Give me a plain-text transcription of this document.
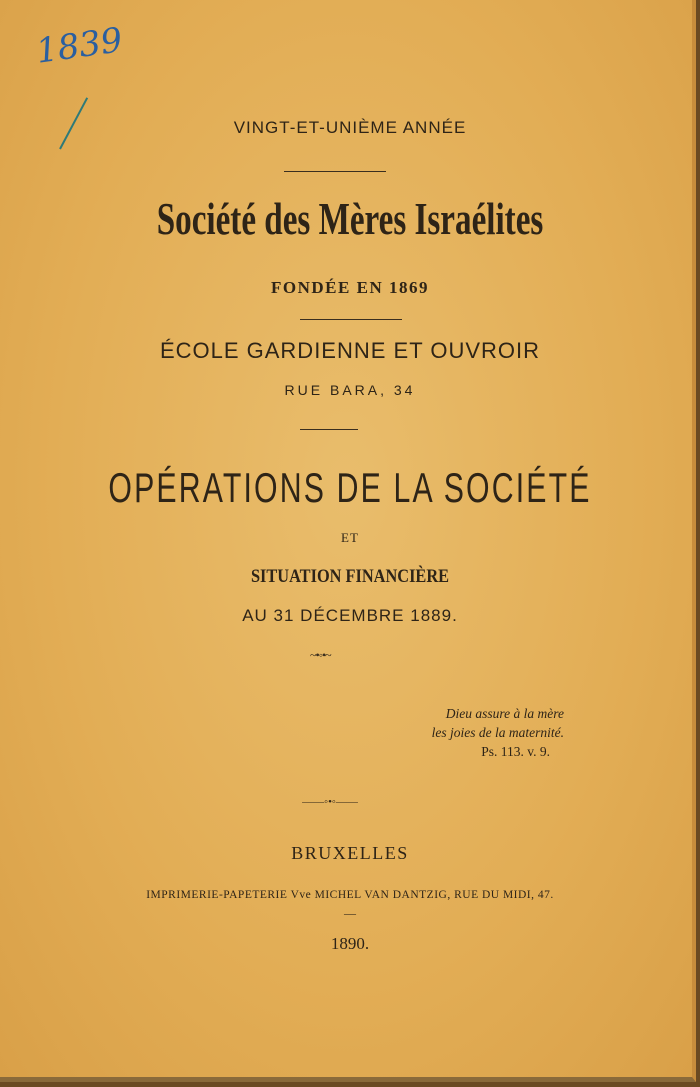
1839
VINGT-ET-UNIÈME ANNÉE
Société des Mères Israélites
FONDÉE EN 1869
ÉCOLE GARDIENNE ET OUVROIR
RUE BARA, 34
OPÉRATIONS DE LA SOCIÉTÉ
ET
SITUATION FINANCIÈRE
AU 31 DÉCEMBRE 1889.
~•◦•~
Dieu assure à la mère
les joies de la maternité.
Ps. 113. v. 9.
——◦•◦——
BRUXELLES
IMPRIMERIE-PAPETERIE Vve MICHEL VAN DANTZIG, RUE DU MIDI, 47.
—
1890.
